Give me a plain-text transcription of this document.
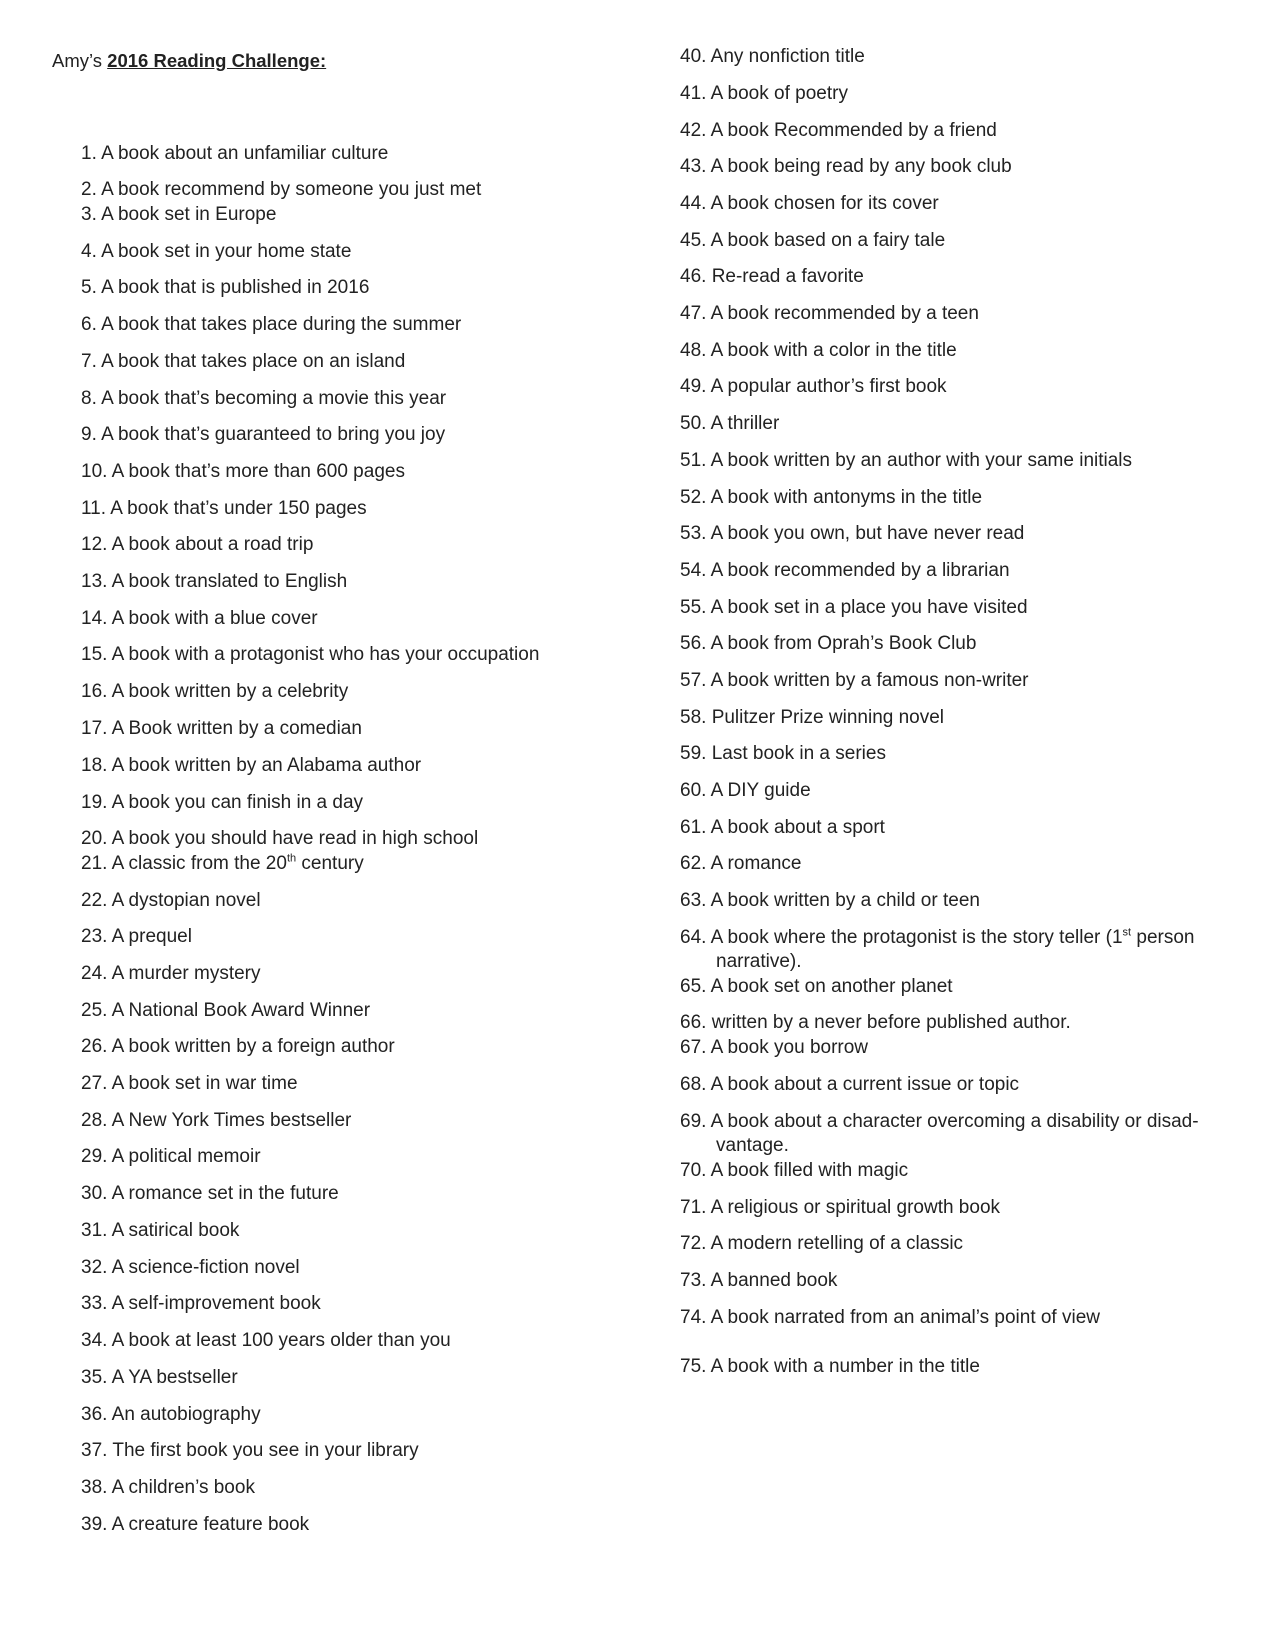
Amy’s 2016 Reading Challenge:
1. A book about an unfamiliar culture
2. A book recommend by someone you just met
3. A book set in Europe
4. A book set in your home state
5. A book that is published in 2016
6. A book that takes place during the summer
7. A book that takes place on an island
8. A book that’s becoming a movie this year
9. A book that’s guaranteed to bring you joy
10. A book that’s more than 600 pages
11. A book that’s under 150 pages
12. A book about a road trip
13. A book translated to English
14. A book with a blue cover
15. A book with a protagonist who has your occupation
16. A book written by a celebrity
17. A Book written by a comedian
18. A book written by an Alabama author
19. A book you can finish in a day
20. A book you should have read in high school
21. A classic from the 20th century
22. A dystopian novel
23. A prequel
24. A murder mystery
25. A National Book Award Winner
26. A book written by a foreign author
27. A book set in war time
28. A New York Times bestseller
29. A political memoir
30. A romance set in the future
31. A satirical book
32. A science-fiction novel
33. A self-improvement book
34. A book at least 100 years older than you
35. A YA bestseller
36. An autobiography
37. The first book you see in your library
38. A children’s book
39. A creature feature book
40. Any nonfiction title
41. A book of poetry
42. A book Recommended by a friend
43. A book being read by any book club
44. A book chosen for its cover
45. A book based on a fairy tale
46. Re-read a favorite
47. A book recommended by a teen
48. A book with a color in the title
49. A popular author’s first book
50. A thriller
51. A book written by an author with your same initials
52. A book with antonyms in the title
53. A book you own, but have never read
54. A book recommended by a librarian
55. A book set in a place you have visited
56. A book from Oprah’s Book Club
57. A book written by a famous non-writer
58. Pulitzer Prize winning novel
59. Last book in a series
60. A DIY guide
61. A book about a sport
62. A romance
63. A book written by a child or teen
64. A book where the protagonist is the story teller (1st person
narrative).
65. A book set on another planet
66. written by a never before published author.
67. A book you borrow
68. A book about a current issue or topic
69. A book about a character overcoming a disability or disad-
vantage.
70. A book filled with magic
71. A religious or spiritual growth book
72. A modern retelling of a classic
73. A banned book
74. A book narrated from an animal’s point of view
75. A book with a number in the title
